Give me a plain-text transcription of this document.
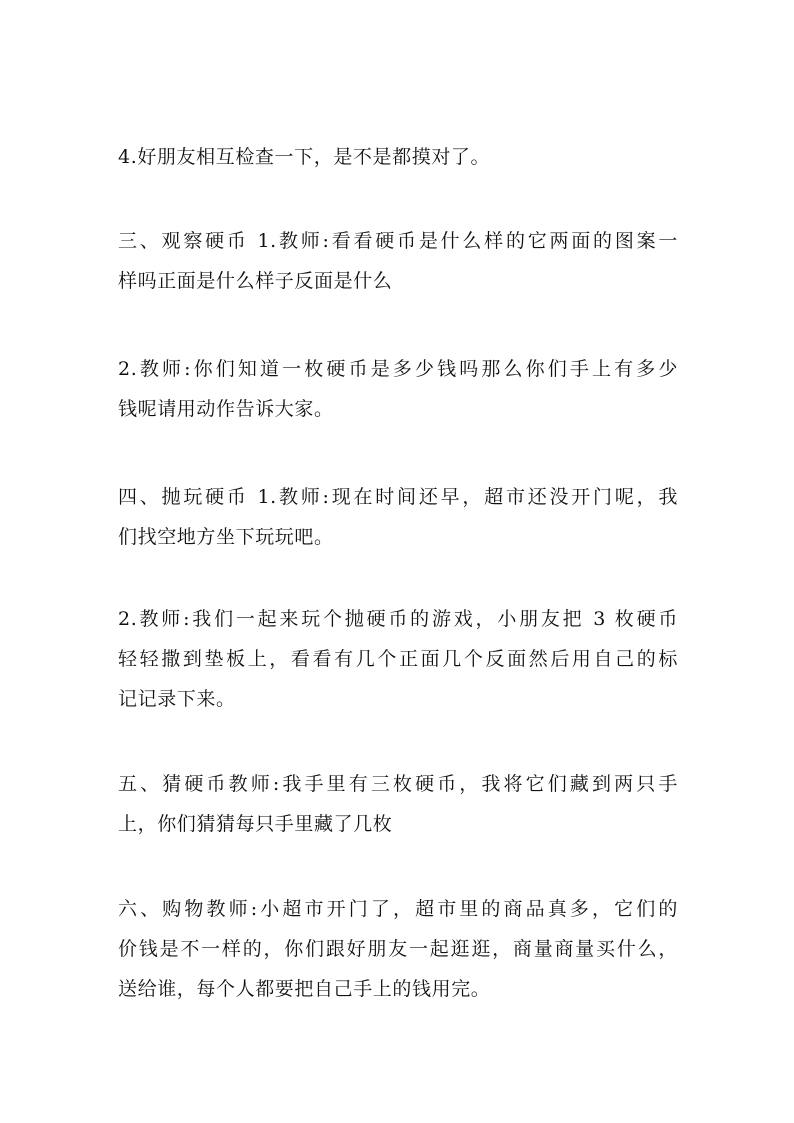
4.好朋友相互检查一下，是不是都摸对了。

三、观察硬币 1.教师:看看硬币是什么样的它两面的图案一
样吗正面是什么样子反面是什么

2.教师:你们知道一枚硬币是多少钱吗那么你们手上有多少
钱呢请用动作告诉大家。

四、抛玩硬币 1.教师:现在时间还早，超市还没开门呢，我
们找空地方坐下玩玩吧。

2.教师:我们一起来玩个抛硬币的游戏，小朋友把 3 枚硬币
轻轻撒到垫板上，看看有几个正面几个反面然后用自己的标
记记录下来。

五、猜硬币教师:我手里有三枚硬币，我将它们藏到两只手
上，你们猜猜每只手里藏了几枚

六、购物教师:小超市开门了，超市里的商品真多，它们的
价钱是不一样的，你们跟好朋友一起逛逛，商量商量买什么，
送给谁，每个人都要把自己手上的钱用完。
